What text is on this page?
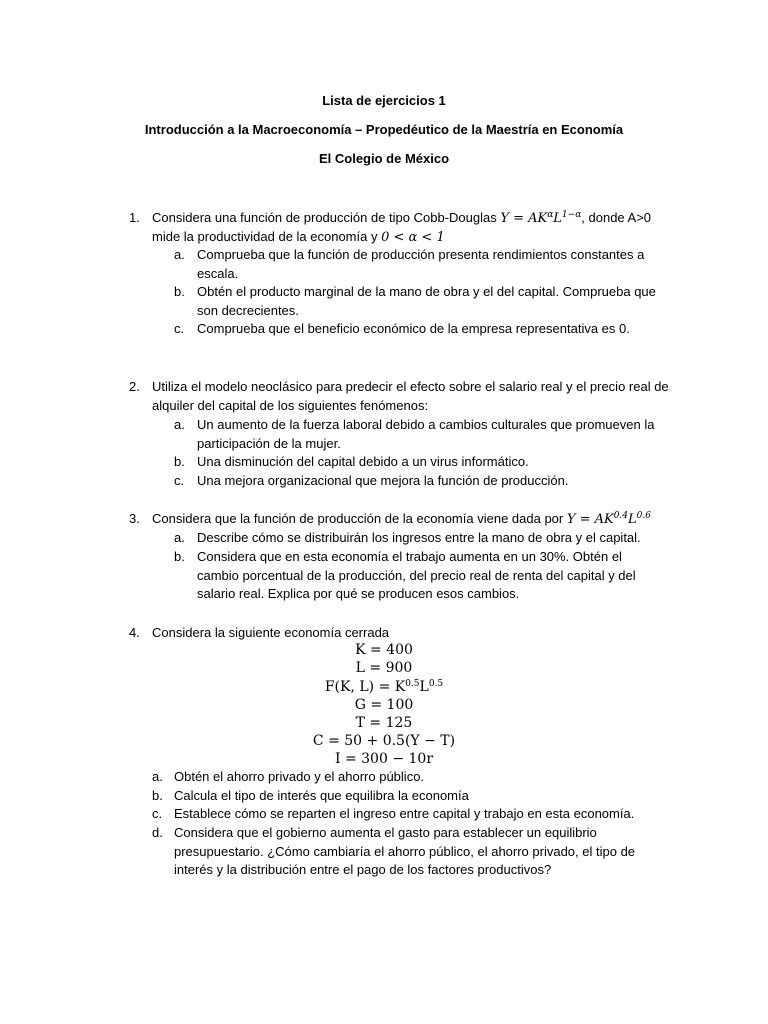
Lista de ejercicios 1
Introducción a la Macroeconomía – Propedéutico de la Maestría en Economía
El Colegio de México
1. Considera una función de producción de tipo Cobb-Douglas $Y = AK^\alpha L^{1-\alpha}$, donde A>0
mide la productividad de la economía y 0 < α < 1
a. Comprueba que la función de producción presenta rendimientos constantes a escala.
b. Obtén el producto marginal de la mano de obra y el del capital. Comprueba que son decrecientes.
c. Comprueba que el beneficio económico de la empresa representativa es 0.
2. Utiliza el modelo neoclásico para predecir el efecto sobre el salario real y el precio real de alquiler del capital de los siguientes fenómenos:
a. Un aumento de la fuerza laboral debido a cambios culturales que promueven la participación de la mujer.
b. Una disminución del capital debido a un virus informático.
c. Una mejora organizacional que mejora la función de producción.
3. Considera que la función de producción de la economía viene dada por $Y = AK^{0.4}L^{0.6}$
a. Describe cómo se distribuirán los ingresos entre la mano de obra y el capital.
b. Considera que en esta economía el trabajo aumenta en un 30%. Obtén el cambio porcentual de la producción, del precio real de renta del capital y del salario real. Explica por qué se producen esos cambios.
4. Considera la siguiente economía cerrada
K = 400
L = 900
F(K, $L) = K^{0.5}L^{0.5}$
G = 100
T = 125
C = 50 + 0.5(Y − T)
I = 300 − 10r
a. Obtén el ahorro privado y el ahorro público.
b. Calcula el tipo de interés que equilibra la economía
c. Establece cómo se reparten el ingreso entre capital y trabajo en esta economía.
d. Considera que el gobierno aumenta el gasto para establecer un equilibrio presupuestario. ¿Cómo cambiaría el ahorro público, el ahorro privado, el tipo de interés y la distribución entre el pago de los factores productivos?
